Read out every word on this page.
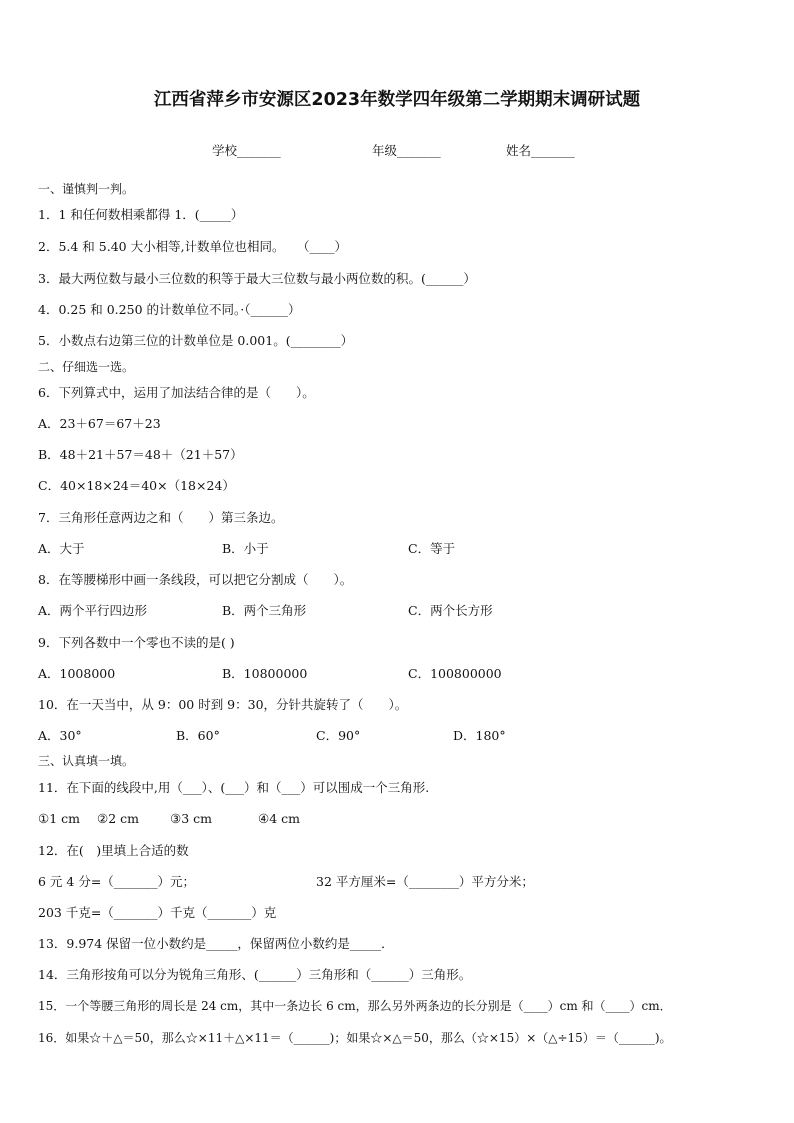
江西省萍乡市安源区2023年数学四年级第二学期期末调研试题
学校_______	年级_______	姓名_______
一、谨慎判一判。
1．1 和任何数相乘都得 1．(_____）
2．5.4 和 5.40 大小相等,计数单位也相同。　　（____）
3．最大两位数与最小三位数的积等于最大三位数与最小两位数的积。(______）
4．0.25 和 0.250 的计数单位不同。·（______）
5．小数点右边第三位的计数单位是 0.001。(________）
二、仔细选一选。
6．下列算式中，运用了加法结合律的是（　　）。
A．23＋67＝67＋23
B．48＋21＋57＝48＋（21＋57）
C．40×18×24＝40×（18×24）
7．三角形任意两边之和（　　）第三条边。
A．大于	B．小于	C．等于
8．在等腰梯形中画一条线段，可以把它分割成（　　）。
A．两个平行四边形	B．两个三角形	C．两个长方形
9．下列各数中一个零也不读的是( )
A．1008000	B．10800000	C．100800000
10．在一天当中，从 9：00 时到 9：30，分针共旋转了（　　）。
A．30°	B．60°	C．90°	D．180°
三、认真填一填。
11．在下面的线段中,用（___）、(___）和（___）可以围成一个三角形.
①1 cm ②2 cm ③3 cm	④4 cm
12．在(　)里填上合适的数
6 元 4 分=（_______）元；	32 平方厘米=（________）平方分米；
203 千克=（_______）千克（_______）克
13．9.974 保留一位小数约是_____，保留两位小数约是_____．
14．三角形按角可以分为锐角三角形、(______）三角形和（______）三角形。
15．一个等腰三角形的周长是 24 cm，其中一条边长 6 cm，那么另外两条边的长分别是（____）cm 和（____）cm．
16．如果☆＋△＝50，那么☆×11＋△×11＝（______)；如果☆×△＝50，那么（☆×15）×（△÷15）＝（______)。
